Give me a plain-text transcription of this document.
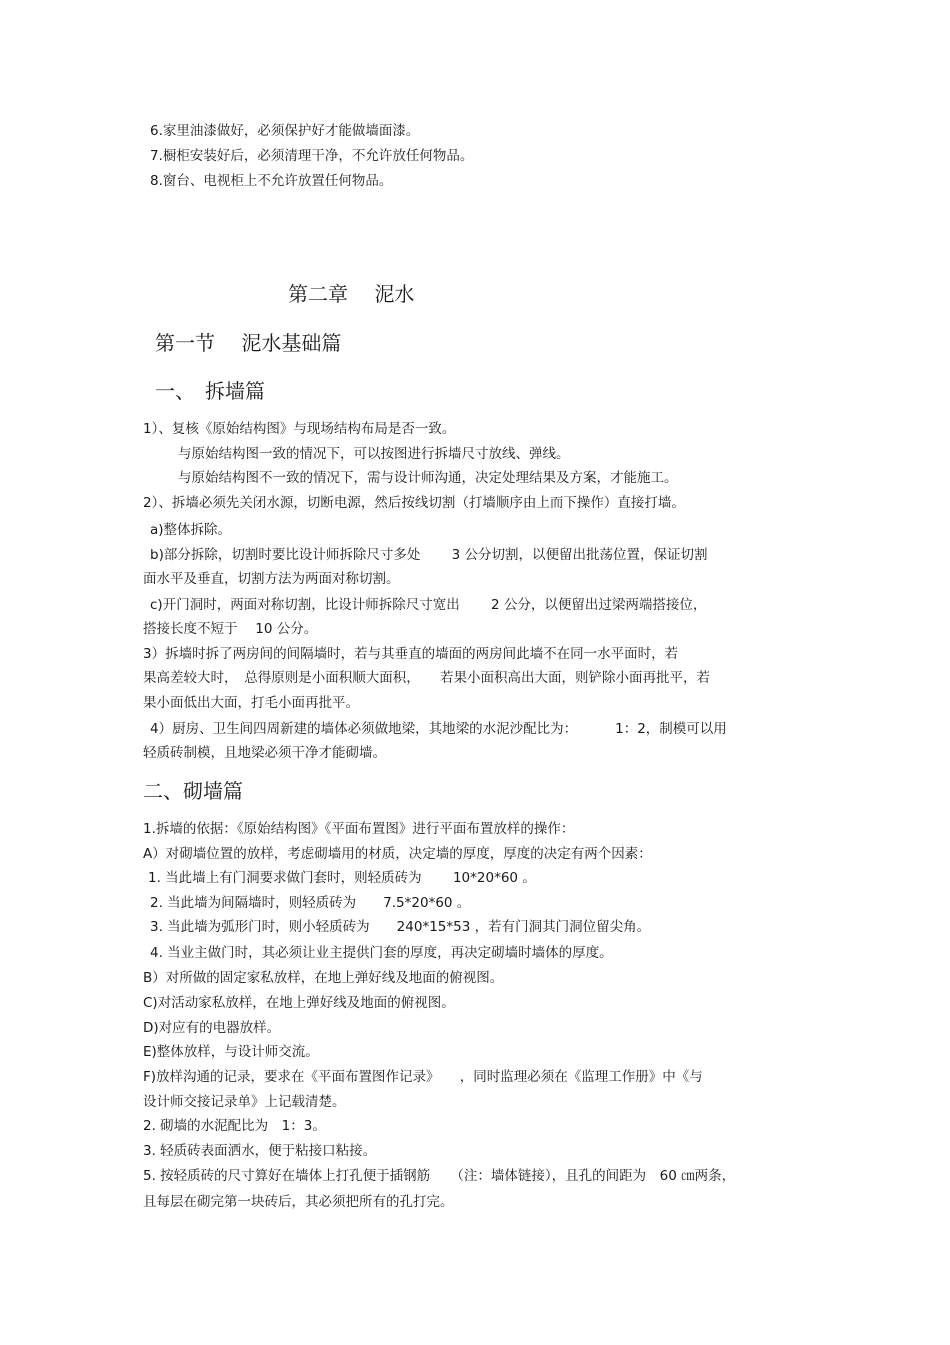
6.家里油漆做好，必须保护好才能做墙面漆。
7.橱柜安装好后，必须清理干净，不允许放任何物品。
8.窗台、电视柜上不允许放置任何物品。
第二章　 泥水
第一节　 泥水基础篇
一、　拆墙篇
1）、复核《原始结构图》与现场结构布局是否一致。
与原始结构图一致的情况下，可以按图进行拆墙尺寸放线、弹线。
与原始结构图不一致的情况下，需与设计师沟通，决定处理结果及方案，才能施工。
2）、拆墙必须先关闭水源，切断电源，然后按线切割（打墙顺序由上而下操作）直接打墙。
a)整体拆除。
b)部分拆除，切割时要比设计师拆除尺寸多处　　 3 公分切割，以便留出批荡位置，保证切割
面水平及垂直，切割方法为两面对称切割。
c)开门洞时，两面对称切割，比设计师拆除尺寸宽出　　 2 公分，以便留出过梁两端搭接位，
搭接长度不短于　 10 公分。
3）拆墙时拆了两房间的间隔墙时，若与其垂直的墙面的两房间此墙不在同一水平面时，若
果高差较大时，　总得原则是小面积顺大面积，　　若果小面积高出大面，则铲除小面再批平，若
果小面低出大面，打毛小面再批平。
4）厨房、卫生间四周新建的墙体必须做地梁，其地梁的水泥沙配比为：　　　 1：2，制模可以用
轻质砖制模，且地梁必须干净才能砌墙。
二、砌墙篇
1.拆墙的依据：《原始结构图》《平面布置图》进行平面布置放样的操作：
A）对砌墙位置的放样，考虑砌墙用的材质，决定墙的厚度，厚度的决定有两个因素：
1. 当此墙上有门洞要求做门套时，则轻质砖为　　 10*20*60 。
2. 当此墙为间隔墙时，则轻质砖为　　7.5*20*60 。
3. 当此墙为弧形门时，则小轻质砖为　　240*15*53 ，若有门洞其门洞位留尖角。
4. 当业主做门时，其必须让业主提供门套的厚度，再决定砌墙时墙体的厚度。
B）对所做的固定家私放样，在地上弹好线及地面的俯视图。
C)对活动家私放样，在地上弹好线及地面的俯视图。
D)对应有的电器放样。
E)整体放样，与设计师交流。
F)放样沟通的记录，要求在《平面布置图作记录》　　，同时监理必须在《监理工作册》中《与
设计师交接记录单》上记载清楚。
2. 砌墙的水泥配比为　1：3。
3. 轻质砖表面洒水，便于粘接口粘接。
5. 按轻质砖的尺寸算好在墙体上打孔便于插钢筋　　（注：墙体链接），且孔的间距为　60 ㎝两条，
且每层在砌完第一块砖后，其必须把所有的孔打完。
